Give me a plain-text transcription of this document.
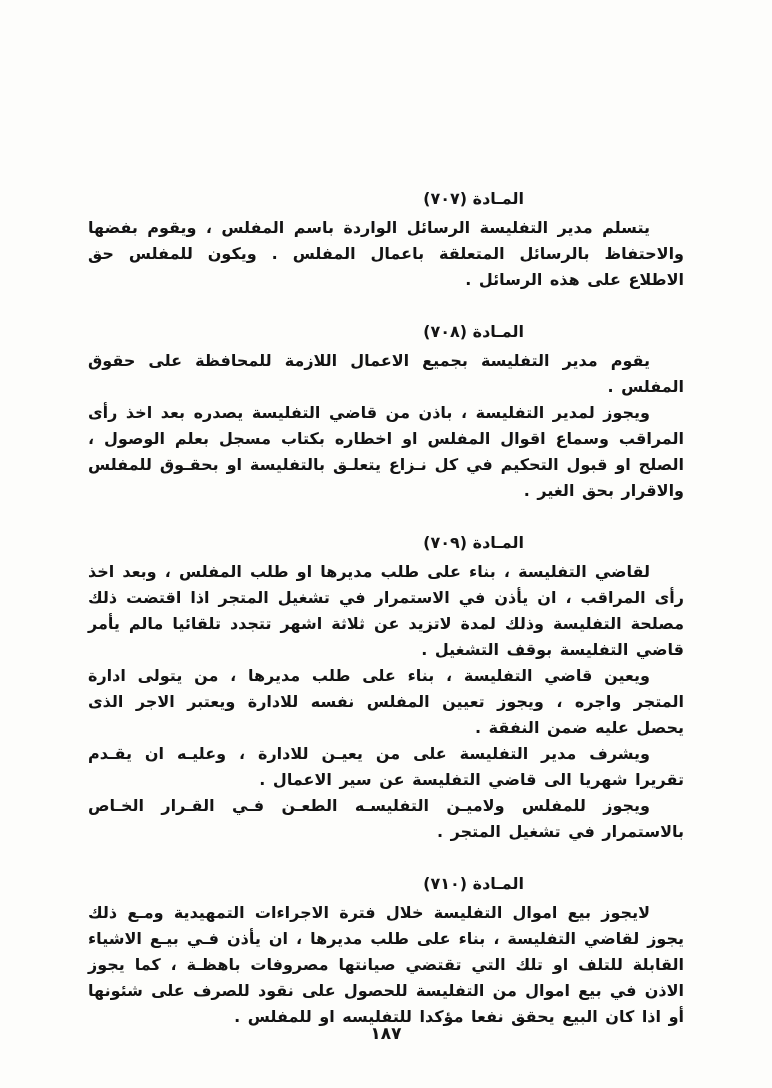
المـادة (٧٠٧)

يتسلم مدير التفليسة الرسائل الواردة باسم المفلس ، ويقوم بفضها والاحتفاظ بالرسائل المتعلقة باعمال المفلس . ويكون للمفلس حق الاطلاع على هذه الرسائل .

المـادة (٧٠٨)

يقوم مدير التفليسة بجميع الاعمال اللازمة للمحافظة على حقوق المفلس .

ويجوز لمدير التفليسة ، باذن من قاضي التفليسة يصدره بعد اخذ رأى المراقب وسماع اقوال المفلس او اخطاره بكتاب مسجل بعلم الوصول ، الصلح او قبول التحكيم في كل نـزاع يتعلـق بالتفليسة او بحقـوق للمفلس والاقرار بحق الغير .

المـادة (٧٠٩)

لقاضي التفليسة ، بناء على طلب مديرها او طلب المفلس ، وبعد اخذ رأى المراقب ، ان يأذن في الاستمرار في تشغيل المتجر اذا اقتضت ذلك مصلحة التفليسة وذلك لمدة لاتزيد عن ثلاثة اشهر تتجدد تلقائيا مالم يأمر قاضي التفليسة بوقف التشغيل .

ويعين قاضي التفليسة ، بناء على طلب مديرها ، من يتولى ادارة المتجر واجره ، ويجوز تعيين المفلس نفسه للادارة ويعتبر الاجر الذى يحصل عليه ضمن النفقة .

ويشرف مدير التفليسة على من يعيـن للادارة ، وعليـه ان يقـدم تقريرا شهريا الى قاضي التفليسة عن سير الاعمال .

ويجوز للمفلس ولاميـن التفليسـه الطعـن فـي القـرار الخـاص بالاستمرار في تشغيل المتجر .

المـادة (٧١٠)

لايجوز بيع اموال التفليسة خلال فترة الاجراءات التمهيدية ومـع ذلك يجوز لقاضي التفليسة ، بناء على طلب مديرها ، ان يأذن فـي بيـع الاشياء القابلة للتلف او تلك التي تقتضي صيانتها مصروفات باهظـة ، كما يجوز الاذن في بيع اموال من التفليسة للحصول على نقود للصرف على شئونها أو اذا كان البيع يحقق نفعا مؤكدا للتفليسه او للمفلس .

١٨٧
